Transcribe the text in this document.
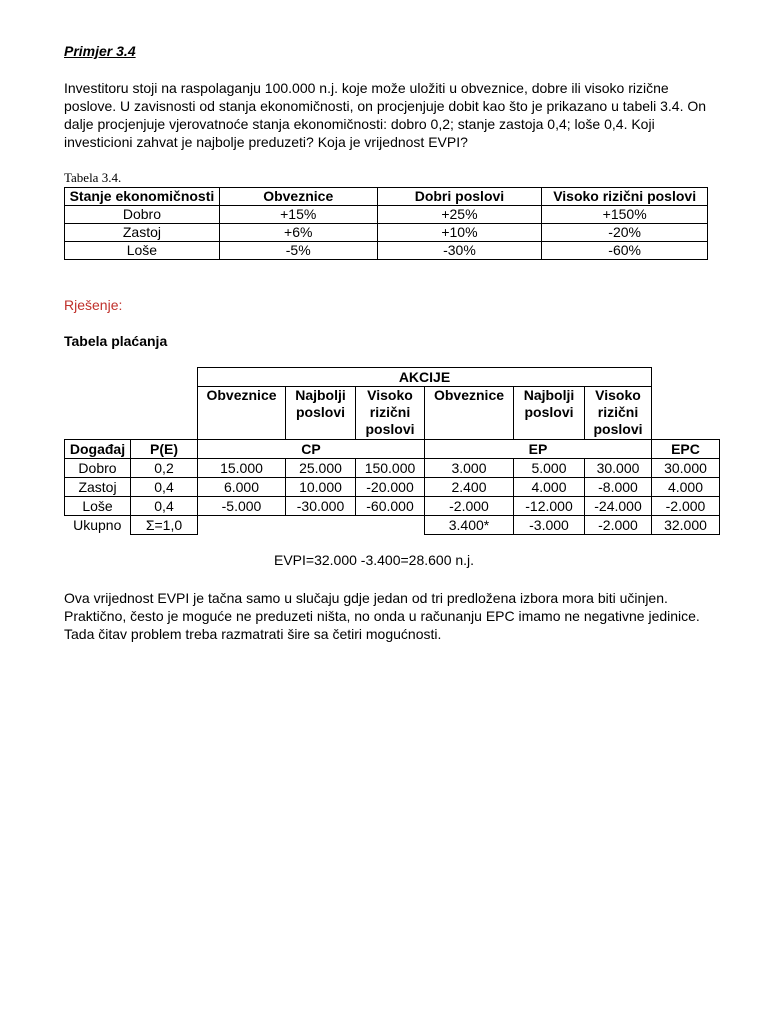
Primjer 3.4
Investitoru stoji na raspolaganju 100.000 n.j. koje može uložiti u obveznice, dobre ili visoko rizične poslove. U zavisnosti od stanja ekonomičnosti, on procjenjuje dobit kao što je prikazano u tabeli 3.4. On dalje procjenjuje vjerovatnoće stanja ekonomičnosti: dobro 0,2; stanje zastoja 0,4; loše 0,4. Koji investicioni zahvat je najbolje preduzeti? Koja je vrijednost EVPI?
Tabela 3.4.
Stanje ekonomičnosti	Obveznice	Dobri poslovi	Visoko rizični poslovi
Dobro	+15%	+25%	+150%
Zastoj	+6%	+10%	-20%
Loše	-5%	-30%	-60%
Rješenje:
Tabela plaćanja
		AKCIJE						
		Obveznice	Najbolji poslovi	Visoko rizični poslovi	Obveznice	Najbolji poslovi	Visoko rizični poslovi	
Događaj	P(E)	CP			EP			EPC
Dobro	0,2	15.000	25.000	150.000	3.000	5.000	30.000	30.000
Zastoj	0,4	6.000	10.000	-20.000	2.400	4.000	-8.000	4.000
Loše	0,4	-5.000	-30.000	-60.000	-2.000	-12.000	-24.000	-2.000
Ukupno	Σ=1,0				3.400*	-3.000	-2.000	32.000
EVPI=32.000 -3.400=28.600 n.j.
Ova vrijednost EVPI je tačna samo u slučaju gdje jedan od tri predložena izbora mora biti učinjen. Praktično, često je moguće ne preduzeti ništa, no onda u računanju EPC imamo ne negativne jedinice. Tada čitav problem treba razmatrati šire sa četiri mogućnosti.
